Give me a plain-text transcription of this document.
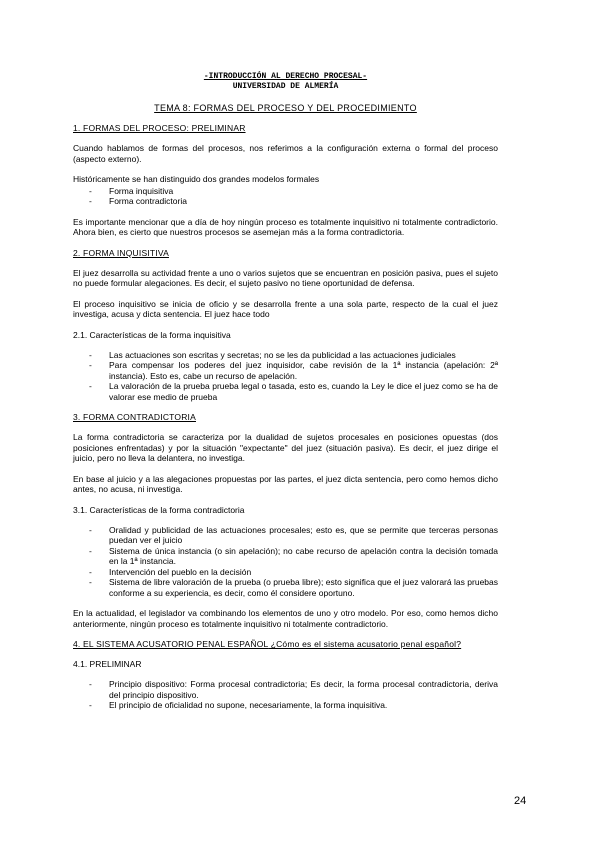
-INTRODUCCIÓN AL DERECHO PROCESAL-
UNIVERSIDAD DE ALMERÍA
TEMA 8: FORMAS DEL PROCESO Y DEL PROCEDIMIENTO
1. FORMAS DEL PROCESO: PRELIMINAR

Cuando hablamos de formas del procesos, nos referimos a la configuración externa o formal del proceso (aspecto externo).

Históricamente se han distinguido dos grandes modelos formales

- Forma inquisitiva
- Forma contradictoria

Es importante mencionar que a día de hoy ningún proceso es totalmente inquisitivo ni totalmente contradictorio. Ahora bien, es cierto que nuestros procesos se asemejan más a la forma contradictoria.

2. FORMA INQUISITIVA

El juez desarrolla su actividad frente a uno o varios sujetos que se encuentran en posición pasiva, pues el sujeto no puede formular alegaciones. Es decir, el sujeto pasivo no tiene oportunidad de defensa.

El proceso inquisitivo se inicia de oficio y se desarrolla frente a una sola parte, respecto de la cual el juez investiga, acusa y dicta sentencia. El juez hace todo

2.1. Características de la forma inquisitiva
- Las actuaciones son escritas y secretas; no se les da publicidad a las actuaciones judiciales
- Para compensar los poderes del juez inquisidor, cabe revisión de la 1ª instancia (apelación: 2ª instancia). Esto es, cabe un recurso de apelación.
- La valoración de la prueba prueba legal o tasada, esto es, cuando la Ley le dice el juez como se ha de valorar ese medio de prueba
3. FORMA CONTRADICTORIA

La forma contradictoria se caracteriza por la dualidad de sujetos procesales en posiciones opuestas (dos posiciones enfrentadas) y por la situación "expectante" del juez (situación pasiva). Es decir, el juez dirige el juicio, pero no lleva la delantera, no investiga.

En base al juicio y a las alegaciones propuestas por las partes, el juez dicta sentencia, pero como hemos dicho antes, no acusa, ni investiga.

3.1. Características de la forma contradictoria
- Oralidad y publicidad de las actuaciones procesales; esto es, que se permite que terceras personas puedan ver el juicio
- Sistema de única instancia (o sin apelación); no cabe recurso de apelación contra la decisión tomada en la 1ª instancia.
- Intervención del pueblo en la decisión
- Sistema de libre valoración de la prueba (o prueba libre); esto significa que el juez valorará las pruebas conforme a su experiencia, es decir, como él considere oportuno.

En la actualidad, el legislador va combinando los elementos de uno y otro modelo. Por eso, como hemos dicho anteriormente, ningún proceso es totalmente inquisitivo ni totalmente contradictorio.

4. EL SISTEMA ACUSATORIO PENAL ESPAÑOL ¿Cómo es el sistema acusatorio penal español?
4.1. PRELIMINAR
- Principio dispositivo: Forma procesal contradictoria; Es decir, la forma procesal contradictoria, deriva del principio dispositivo.
- El principio de oficialidad no supone, necesariamente, la forma inquisitiva.
24
